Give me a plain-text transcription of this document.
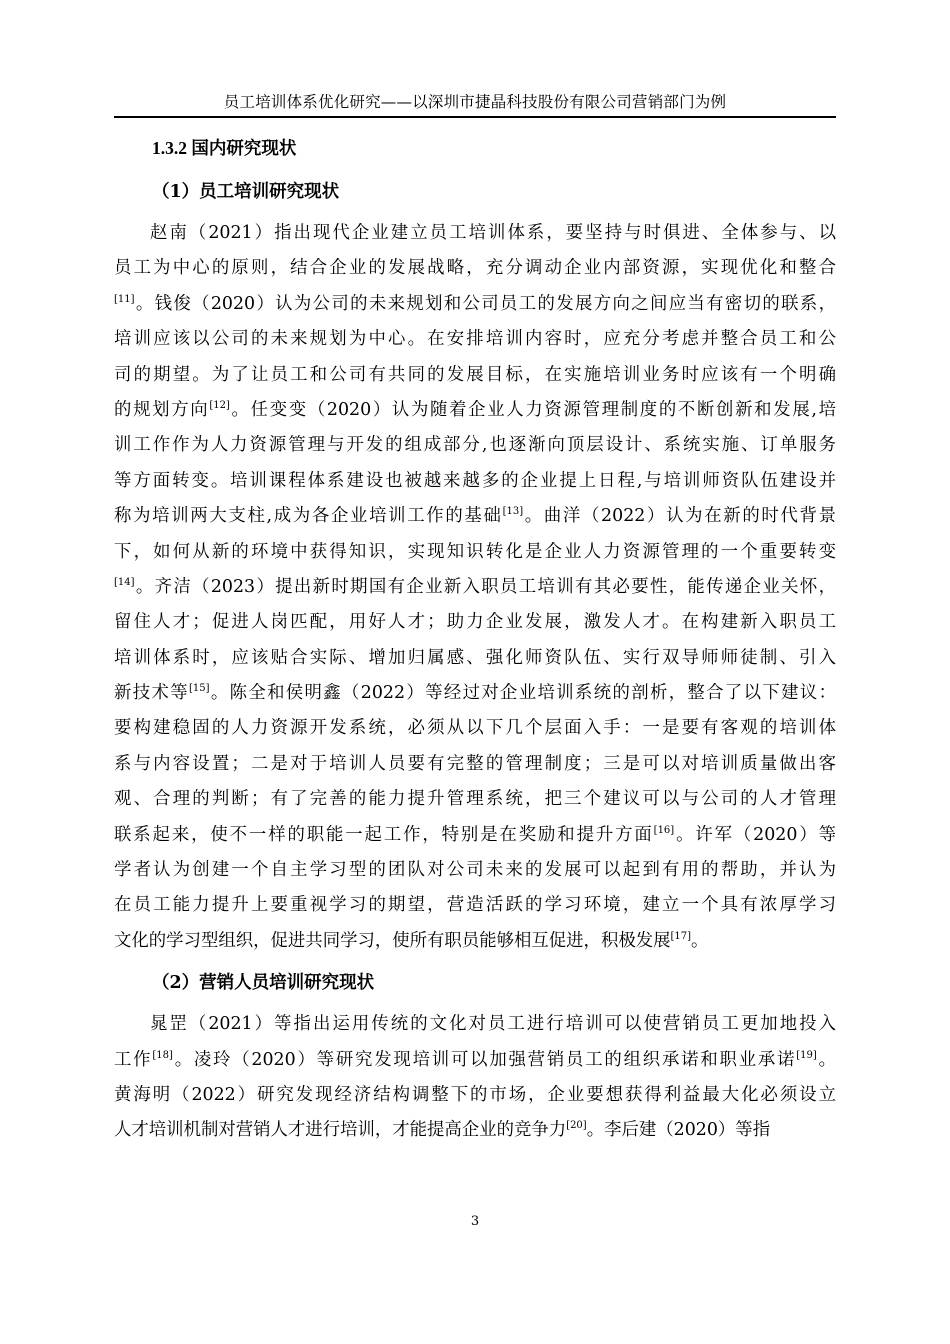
员工培训体系优化研究——以深圳市捷晶科技股份有限公司营销部门为例
1.3.2 国内研究现状
（1）员工培训研究现状
赵南（2021）指出现代企业建立员工培训体系，要坚持与时俱进、全体参与、以
员工为中心的原则，结合企业的发展战略，充分调动企业内部资源，实现优化和整合
[11]。钱俊（2020）认为公司的未来规划和公司员工的发展方向之间应当有密切的联系，
培训应该以公司的未来规划为中心。在安排培训内容时，应充分考虑并整合员工和公
司的期望。为了让员工和公司有共同的发展目标，在实施培训业务时应该有一个明确
的规划方向[12]。任变变（2020）认为随着企业人力资源管理制度的不断创新和发展,培
训工作作为人力资源管理与开发的组成部分,也逐渐向顶层设计、系统实施、订单服务
等方面转变。培训课程体系建设也被越来越多的企业提上日程,与培训师资队伍建设并
称为培训两大支柱,成为各企业培训工作的基础[13]。曲洋（2022）认为在新的时代背景
下，如何从新的环境中获得知识，实现知识转化是企业人力资源管理的一个重要转变
[14]。齐洁（2023）提出新时期国有企业新入职员工培训有其必要性，能传递企业关怀，
留住人才；促进人岗匹配，用好人才；助力企业发展，激发人才。在构建新入职员工
培训体系时，应该贴合实际、增加归属感、强化师资队伍、实行双导师师徒制、引入
新技术等[15]。陈全和侯明鑫（2022）等经过对企业培训系统的剖析，整合了以下建议：
要构建稳固的人力资源开发系统，必须从以下几个层面入手：一是要有客观的培训体
系与内容设置；二是对于培训人员要有完整的管理制度；三是可以对培训质量做出客
观、合理的判断；有了完善的能力提升管理系统，把三个建议可以与公司的人才管理
联系起来，使不一样的职能一起工作，特别是在奖励和提升方面[16]。许军（2020）等
学者认为创建一个自主学习型的团队对公司未来的发展可以起到有用的帮助，并认为
在员工能力提升上要重视学习的期望，营造活跃的学习环境，建立一个具有浓厚学习
文化的学习型组织，促进共同学习，使所有职员能够相互促进，积极发展[17]。
（2）营销人员培训研究现状
晁罡（2021）等指出运用传统的文化对员工进行培训可以使营销员工更加地投入
工作[18]。凌玲（2020）等研究发现培训可以加强营销员工的组织承诺和职业承诺[19]。
黄海明（2022）研究发现经济结构调整下的市场，企业要想获得利益最大化必须设立
人才培训机制对营销人才进行培训，才能提高企业的竞争力[20]。李后建（2020）等指
3
